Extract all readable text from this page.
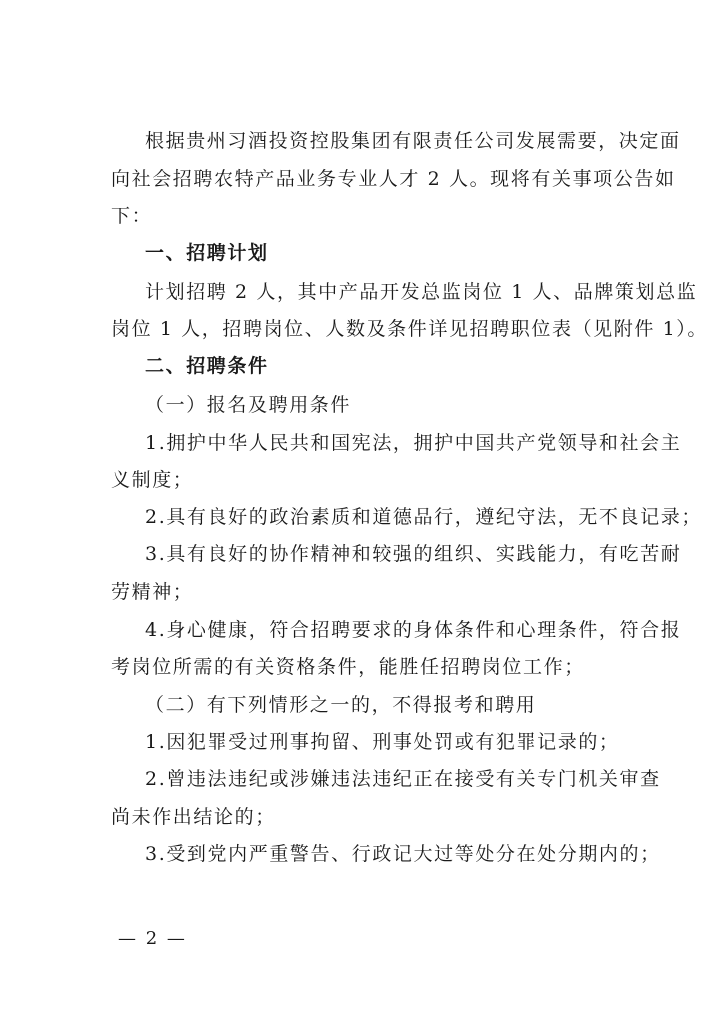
根据贵州习酒投资控股集团有限责任公司发展需要，决定面
向社会招聘农特产品业务专业人才 2 人。现将有关事项公告如
下：
一、招聘计划
计划招聘 2 人，其中产品开发总监岗位 1 人、品牌策划总监
岗位 1 人，招聘岗位、人数及条件详见招聘职位表（见附件 1）。
二、招聘条件
（一）报名及聘用条件
1.拥护中华人民共和国宪法，拥护中国共产党领导和社会主
义制度；
2.具有良好的政治素质和道德品行，遵纪守法，无不良记录；
3.具有良好的协作精神和较强的组织、实践能力，有吃苦耐
劳精神；
4.身心健康，符合招聘要求的身体条件和心理条件，符合报
考岗位所需的有关资格条件，能胜任招聘岗位工作；
（二）有下列情形之一的，不得报考和聘用
1.因犯罪受过刑事拘留、刑事处罚或有犯罪记录的；
2.曾违法违纪或涉嫌违法违纪正在接受有关专门机关审查
尚未作出结论的；
3.受到党内严重警告、行政记大过等处分在处分期内的；
— 2 —
